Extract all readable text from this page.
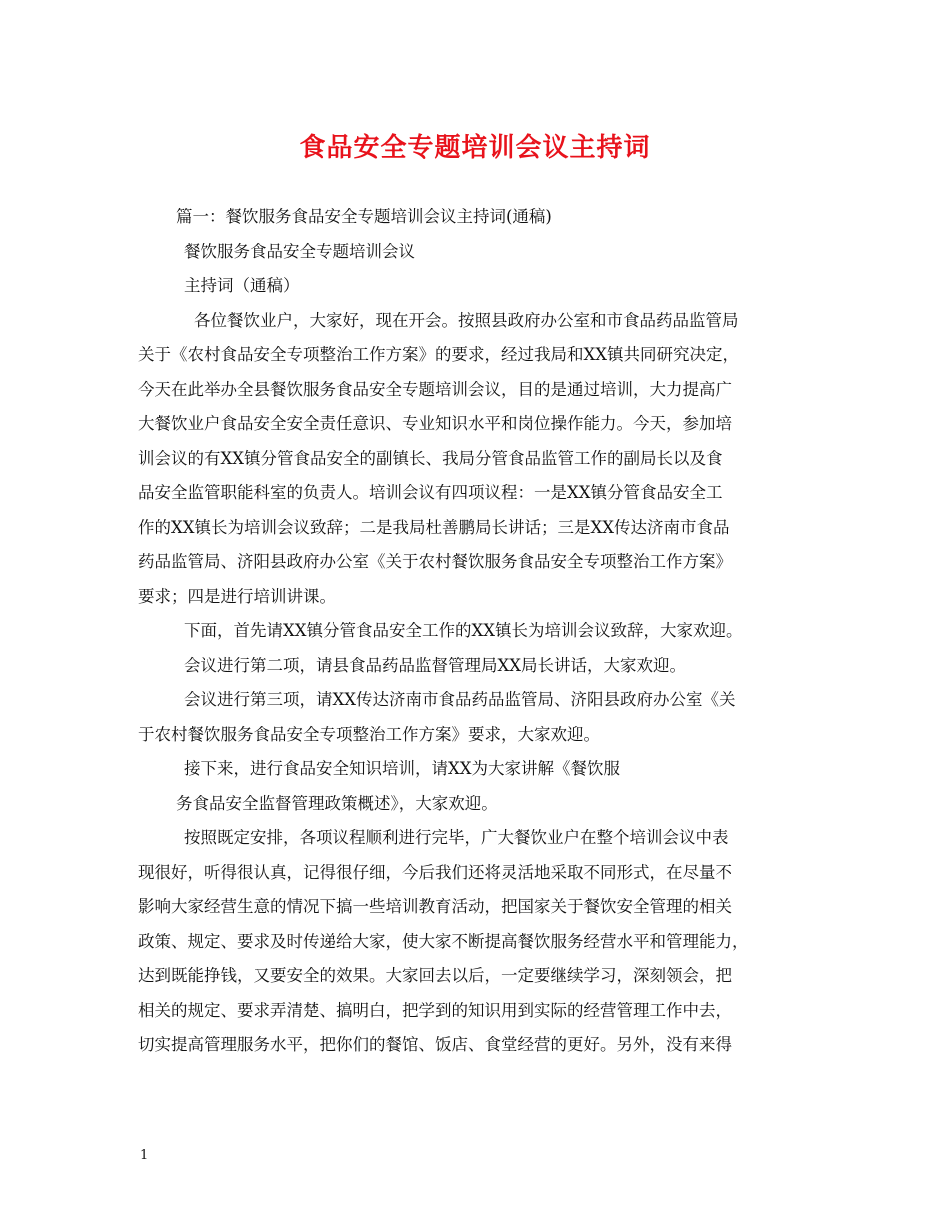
食品安全专题培训会议主持词

篇一：餐饮服务食品安全专题培训会议主持词(通稿)

餐饮服务食品安全专题培训会议

主持词（通稿）

各位餐饮业户，大家好，现在开会。按照县政府办公室和市食品药品监管局

关于《农村食品安全专项整治工作方案》的要求，经过我局和XX镇共同研究决定，

今天在此举办全县餐饮服务食品安全专题培训会议，目的是通过培训，大力提高广

大餐饮业户食品安全安全责任意识、专业知识水平和岗位操作能力。今天，参加培

训会议的有XX镇分管食品安全的副镇长、我局分管食品监管工作的副局长以及食

品安全监管职能科室的负责人。培训会议有四项议程：一是XX镇分管食品安全工

作的XX镇长为培训会议致辞；二是我局杜善鹏局长讲话；三是XX传达济南市食品

药品监管局、济阳县政府办公室《关于农村餐饮服务食品安全专项整治工作方案》

要求；四是进行培训讲课。

下面，首先请XX镇分管食品安全工作的XX镇长为培训会议致辞，大家欢迎。

会议进行第二项，请县食品药品监督管理局XX局长讲话，大家欢迎。

会议进行第三项，请XX传达济南市食品药品监管局、济阳县政府办公室《关

于农村餐饮服务食品安全专项整治工作方案》要求，大家欢迎。

接下来，进行食品安全知识培训，请XX为大家讲解《餐饮服

务食品安全监督管理政策概述》，大家欢迎。

按照既定安排，各项议程顺利进行完毕，广大餐饮业户在整个培训会议中表

现很好，听得很认真，记得很仔细，今后我们还将灵活地采取不同形式，在尽量不

影响大家经营生意的情况下搞一些培训教育活动，把国家关于餐饮安全管理的相关

政策、规定、要求及时传递给大家，使大家不断提高餐饮服务经营水平和管理能力，

达到既能挣钱，又要安全的效果。大家回去以后，一定要继续学习，深刻领会，把

相关的规定、要求弄清楚、搞明白，把学到的知识用到实际的经营管理工作中去，

切实提高管理服务水平，把你们的餐馆、饭店、食堂经营的更好。另外，没有来得

1
